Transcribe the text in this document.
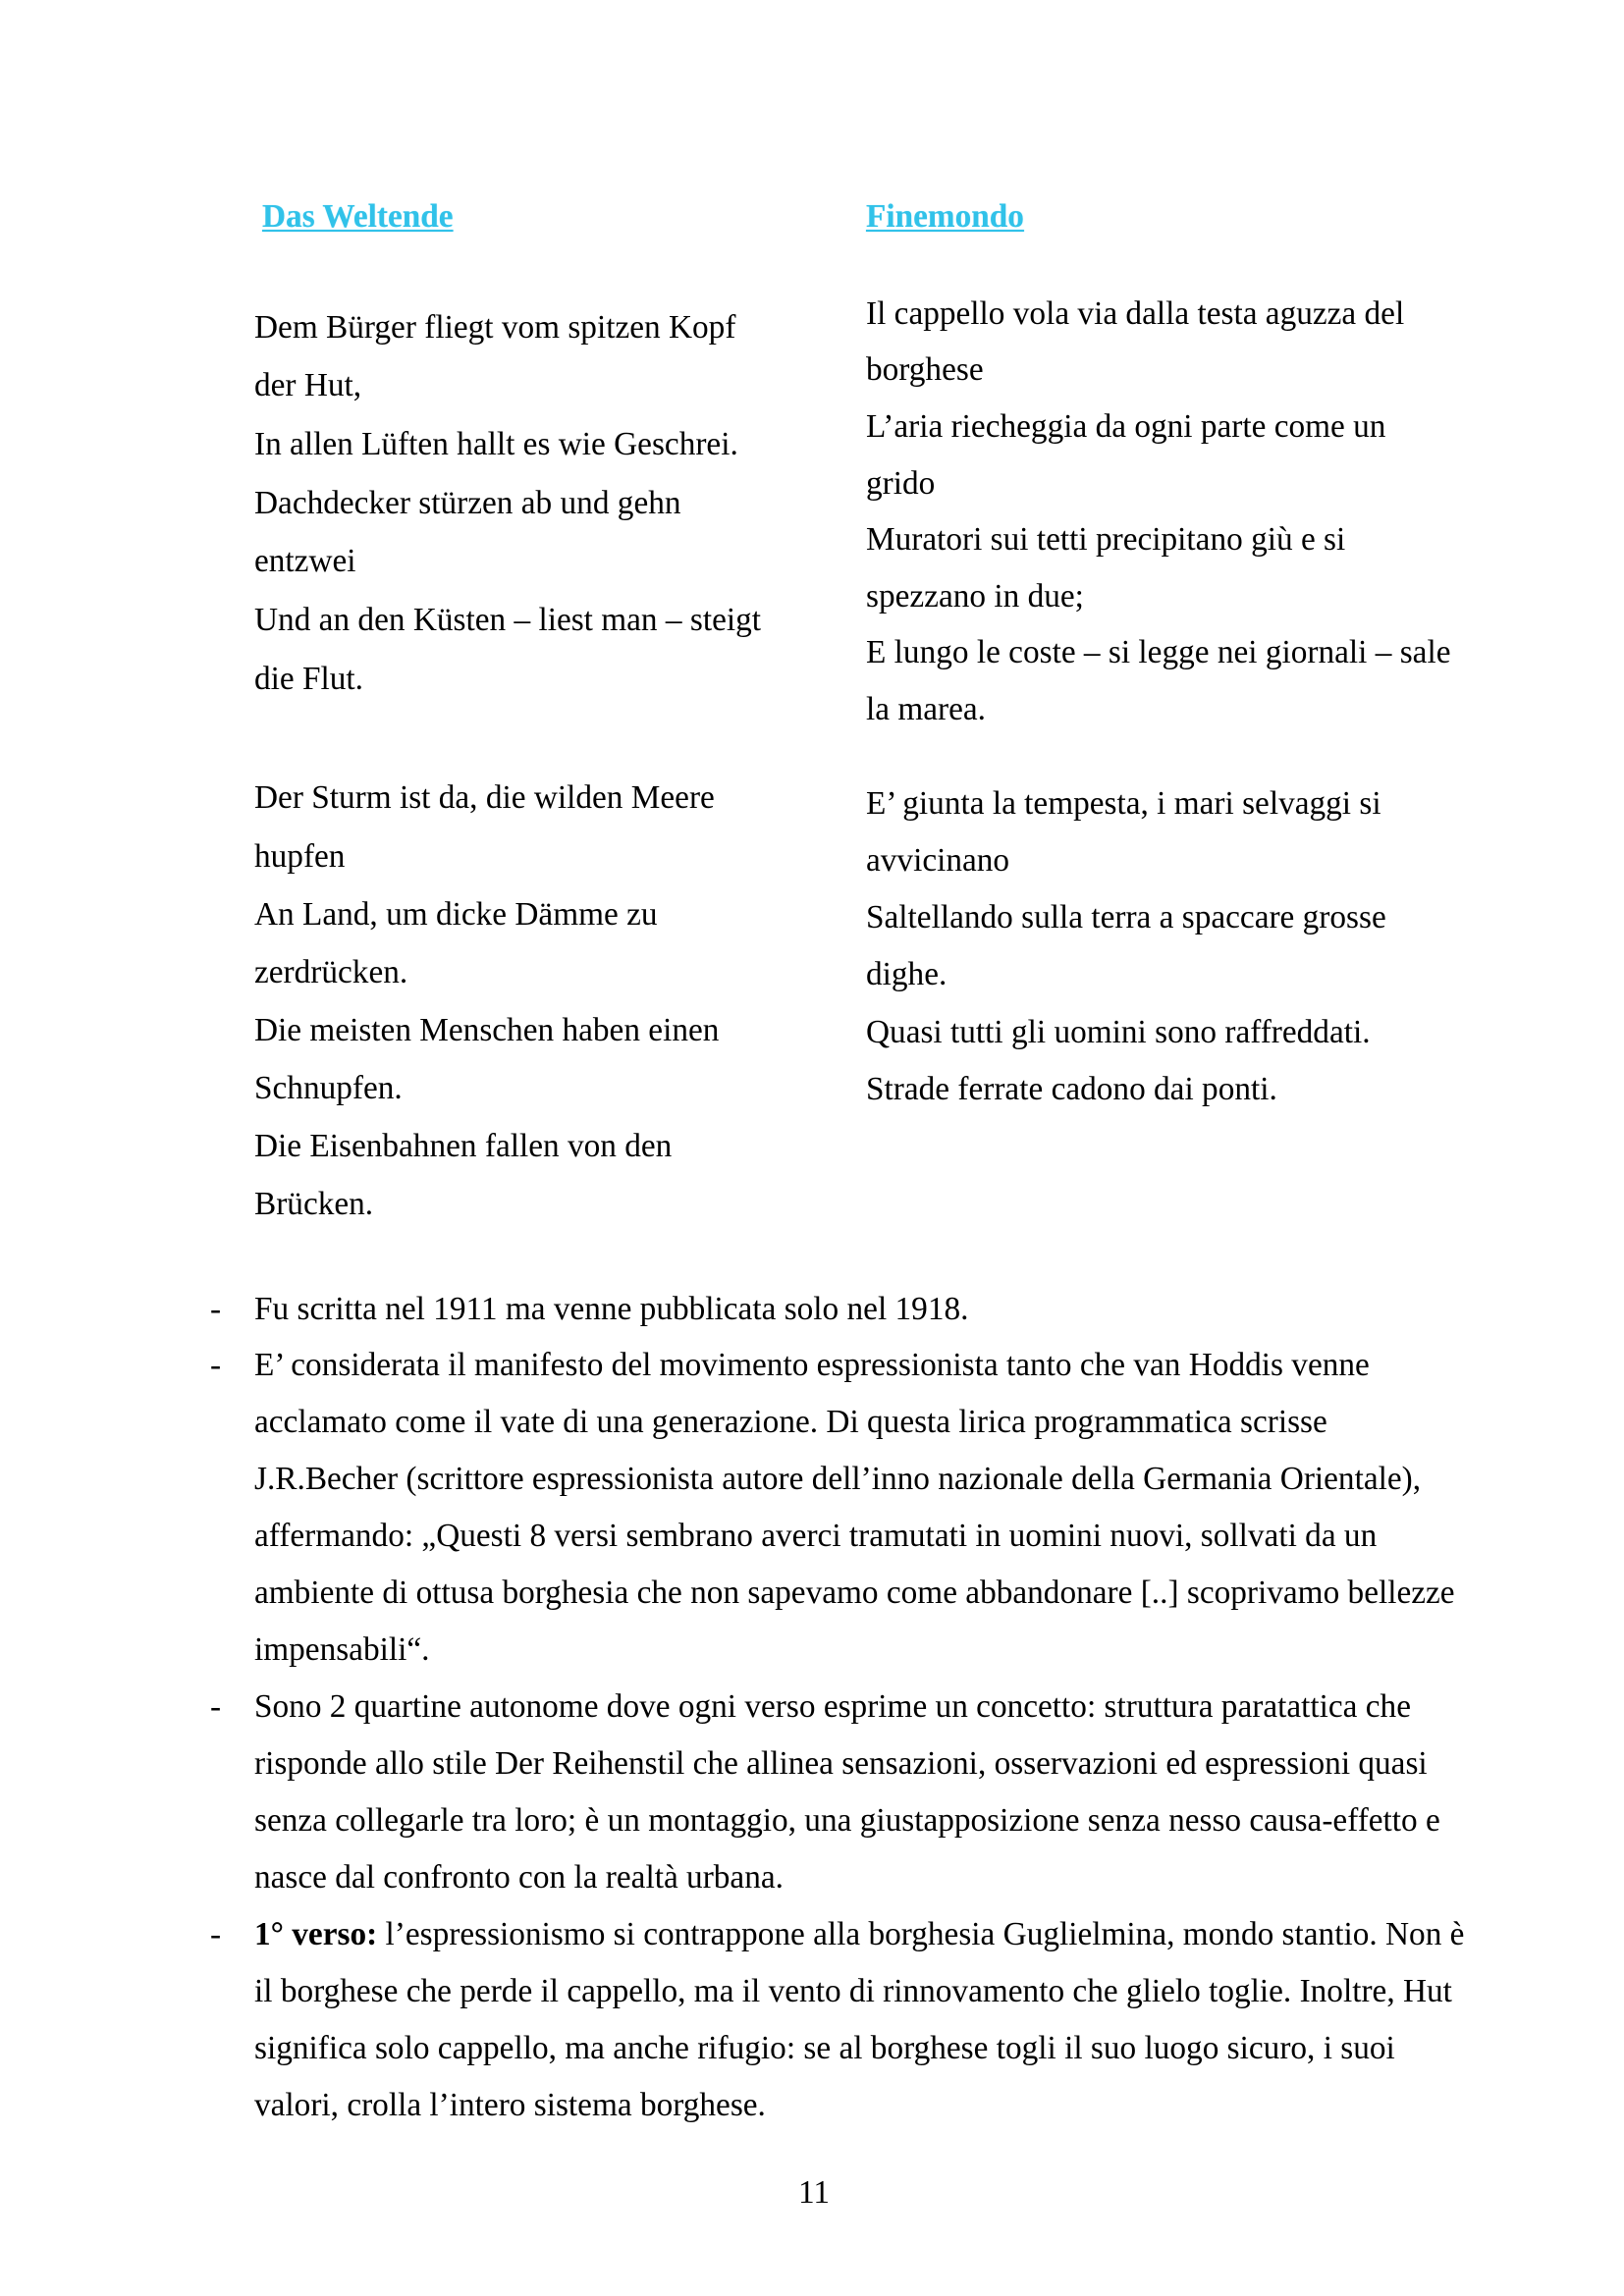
Das Weltende	Finemondo
Dem Bürger fliegt vom spitzen Kopf
der Hut,
In allen Lüften hallt es wie Geschrei.
Dachdecker stürzen ab und gehn
entzwei
Und an den Küsten – liest man – steigt
die Flut.
Der Sturm ist da, die wilden Meere
hupfen
An Land, um dicke Dämme zu
zerdrücken.
Die meisten Menschen haben einen
Schnupfen.
Die Eisenbahnen fallen von den
Brücken.
Il cappello vola via dalla testa aguzza del
borghese
L’aria riecheggia da ogni parte come un
grido
Muratori sui tetti precipitano giù e si
spezzano in due;
E lungo le coste – si legge nei giornali – sale
la marea.
E’ giunta la tempesta, i mari selvaggi si
avvicinano
Saltellando sulla terra a spaccare grosse
dighe.
Quasi tutti gli uomini sono raffreddati.
Strade ferrate cadono dai ponti.
- Fu scritta nel 1911 ma venne pubblicata solo nel 1918.
- E’ considerata il manifesto del movimento espressionista tanto che van Hoddis venne
acclamato come il vate di una generazione. Di questa lirica programmatica scrisse
J.R.Becher (scrittore espressionista autore dell’inno nazionale della Germania Orientale),
affermando: „Questi 8 versi sembrano averci tramutati in uomini nuovi, sollvati da un
ambiente di ottusa borghesia che non sapevamo come abbandonare [..] scoprivamo bellezze
impensabili“.
- Sono 2 quartine autonome dove ogni verso esprime un concetto: struttura paratattica che
risponde allo stile Der Reihenstil che allinea sensazioni, osservazioni ed espressioni quasi
senza collegarle tra loro; è un montaggio, una giustapposizione senza nesso causa-effetto e
nasce dal confronto con la realtà urbana.
- 1° verso: l’espressionismo si contrappone alla borghesia Guglielmina, mondo stantio. Non è
il borghese che perde il cappello, ma il vento di rinnovamento che glielo toglie. Inoltre, Hut
significa solo cappello, ma anche rifugio: se al borghese togli il suo luogo sicuro, i suoi
valori, crolla l’intero sistema borghese.
11
